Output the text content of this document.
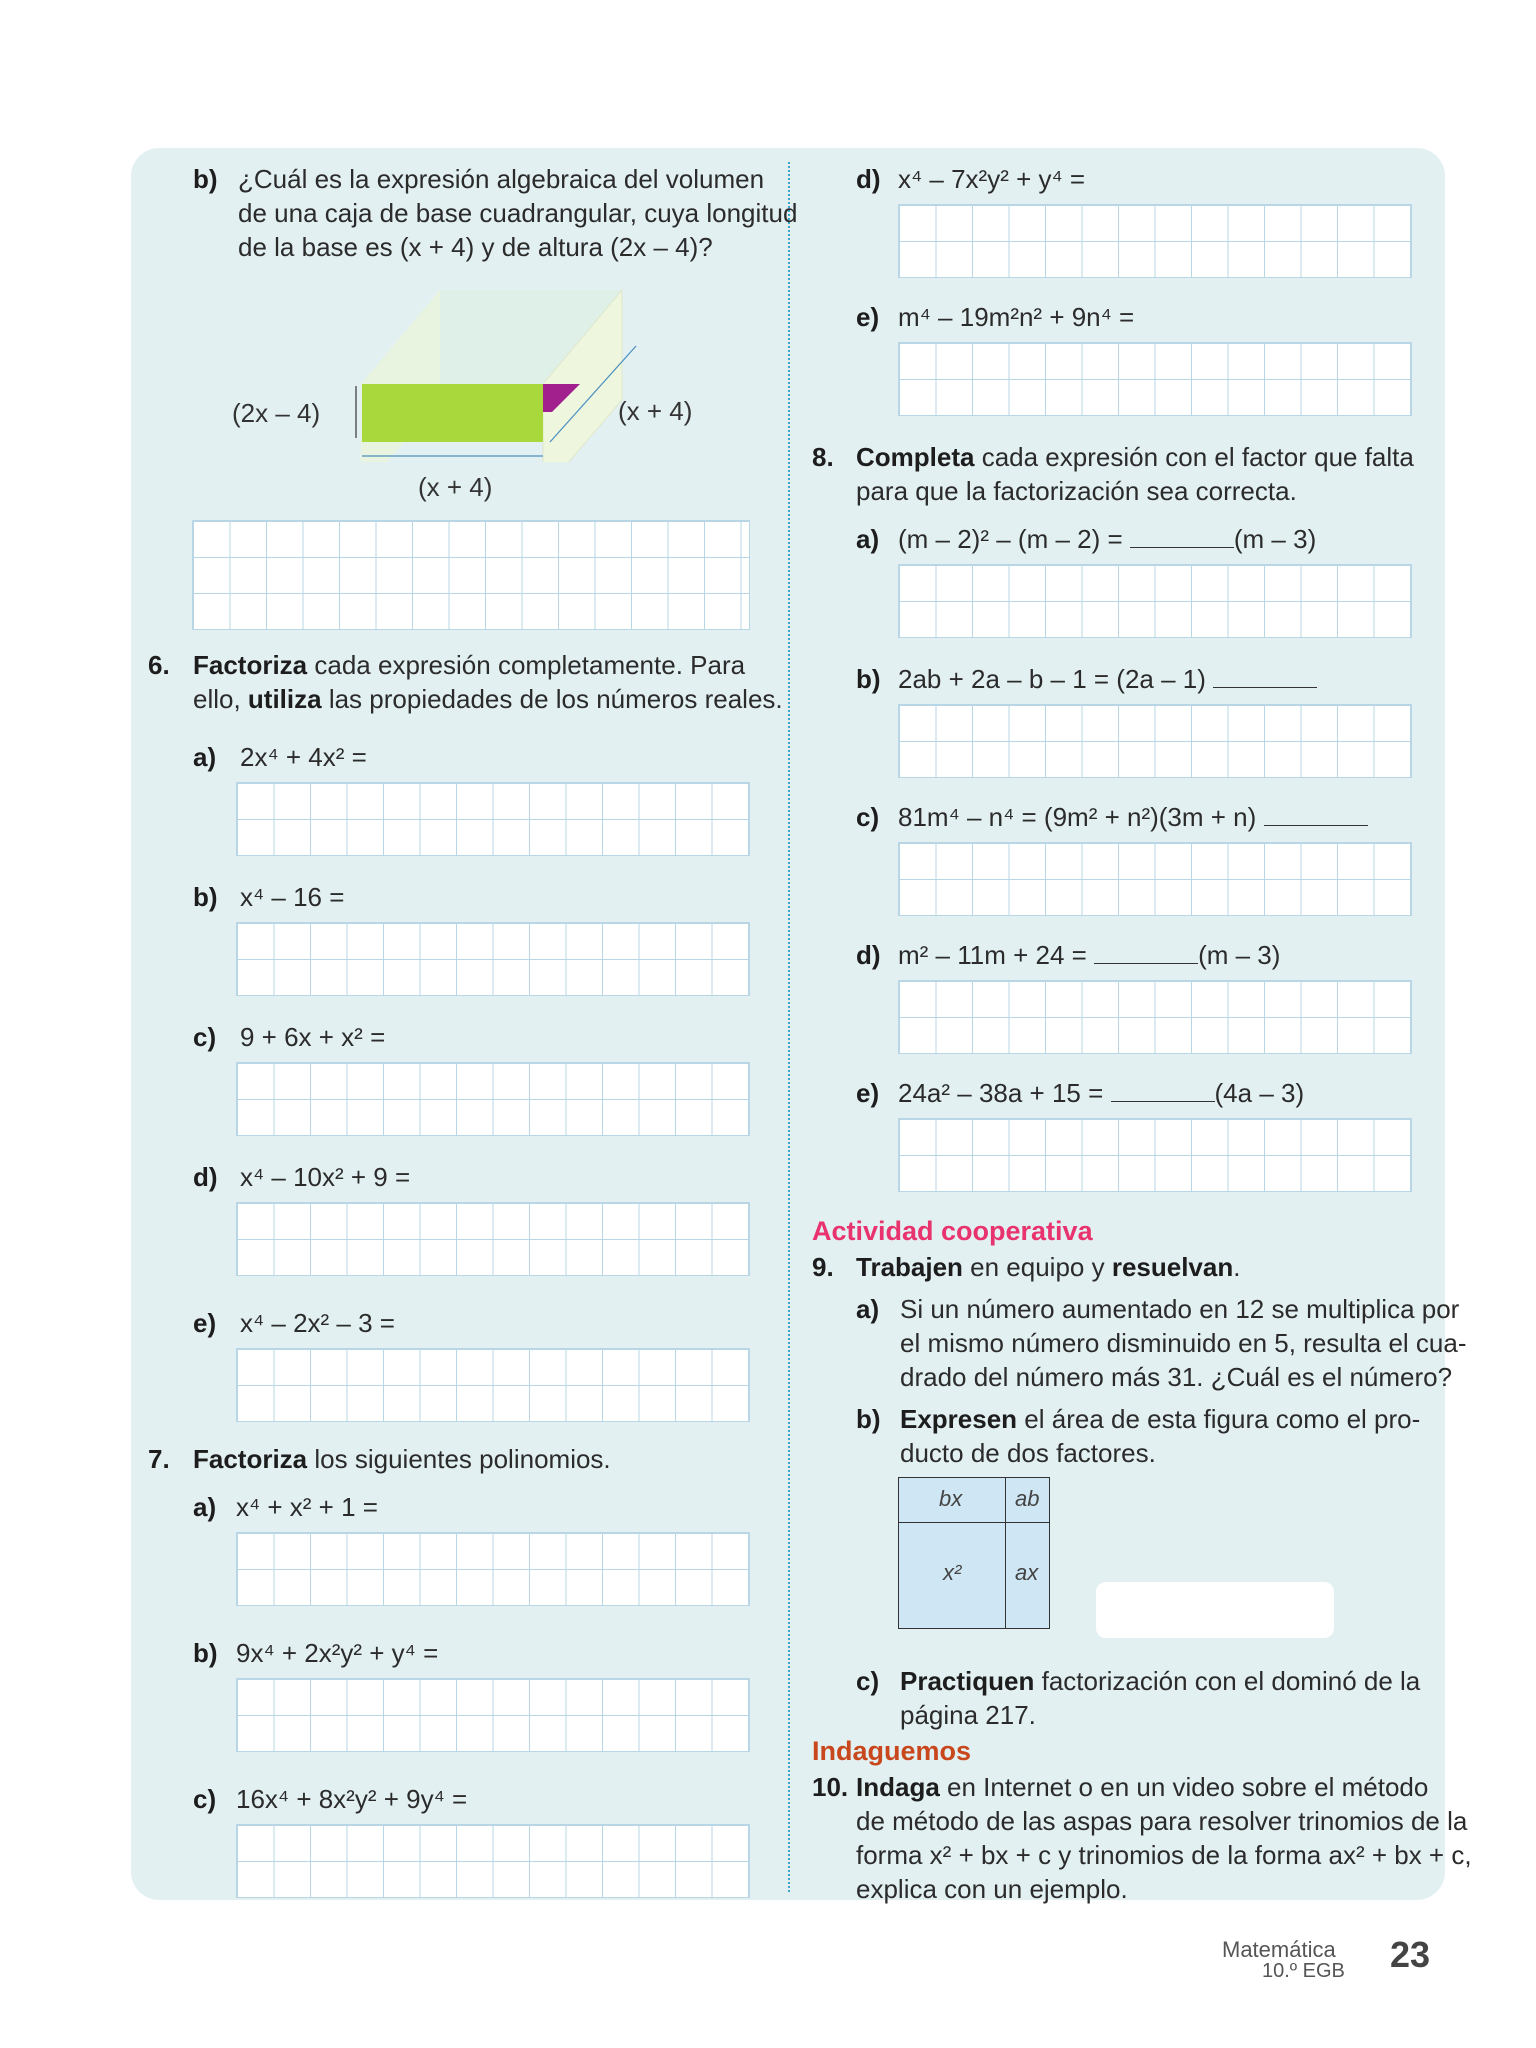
b) ¿Cuál es la expresión algebraica del volumen
de una caja de base cuadrangular, cuya longitud
de la base es (x + 4) y de altura (2x – 4)?
(2x – 4)	(x + 4)
(x + 4)
6. Factoriza cada expresión completamente. Para
ello, utiliza las propiedades de los números reales.
a) 2x⁴ + 4x² =
b) x⁴ – 16 =
c) 9 + 6x + x² =
d) x⁴ – 10x² + 9 =
e) x⁴ – 2x² – 3 =
7. Factoriza los siguientes polinomios.
a) x⁴ + x² + 1 =
b) 9x⁴ + 2x²y² + y⁴ =
c) 16x⁴ + 8x²y² + 9y⁴ =
d) x⁴ – 7x²y² + y⁴ =
e) m⁴ – 19m²n² + 9n⁴ =
8. Completa cada expresión con el factor que falta
para que la factorización sea correcta.
a) (m – 2)² – (m – 2) =	(m – 3)
b) 2ab + 2a – b – 1 = (2a – 1)
c) 81m⁴ – n⁴ = (9m² + n²)(3m + n)
d) m² – 11m + 24 =	(m – 3)
e) 24a² – 38a + 15 =	(4a – 3)
Actividad cooperativa
9. Trabajen en equipo y resuelvan.
a) Si un número aumentado en 12 se multiplica por
el mismo número disminuido en 5, resulta el cua-
drado del número más 31. ¿Cuál es el número?
b) Expresen el área de esta figura como el pro-
ducto de dos factores.
bx ab
x² ax
c) Practiquen factorización con el dominó de la
página 217.
Indaguemos
10. Indaga en Internet o en un video sobre el método
de método de las aspas para resolver trinomios de la
forma x² + bx + c y trinomios de la forma ax² + bx + c,
explica con un ejemplo.
Matemática
10.º EGB 23
